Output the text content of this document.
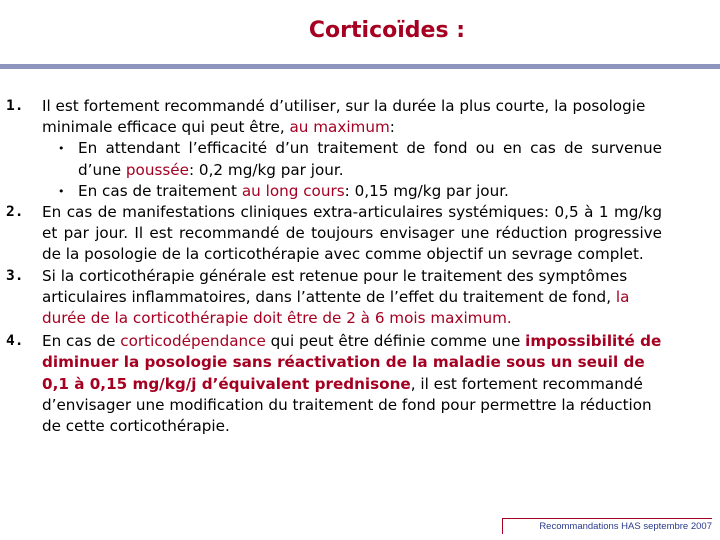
Corticoïdes :
1. Il est fortement recommandé d’utiliser, sur la durée la plus courte, la posologie minimale efficace qui peut être, au maximum:
• En attendant l’efficacité d’un traitement de fond ou en cas de survenue d’une poussée: 0,2 mg/kg par jour.
• En cas de traitement au long cours: 0,15 mg/kg par jour.
2. En cas de manifestations cliniques extra-articulaires systémiques: 0,5 à 1 mg/kg et par jour. Il est recommandé de toujours envisager une réduction progressive de la posologie de la corticothérapie avec comme objectif un sevrage complet.
3. Si la corticothérapie générale est retenue pour le traitement des symptômes articulaires inflammatoires, dans l’attente de l’effet du traitement de fond, la durée de la corticothérapie doit être de 2 à 6 mois maximum.
4. En cas de corticodépendance qui peut être définie comme une impossibilité de diminuer la posologie sans réactivation de la maladie sous un seuil de 0,1 à 0,15 mg/kg/j d’équivalent prednisone, il est fortement recommandé d’envisager une modification du traitement de fond pour permettre la réduction de cette corticothérapie.
Recommandations HAS septembre 2007
